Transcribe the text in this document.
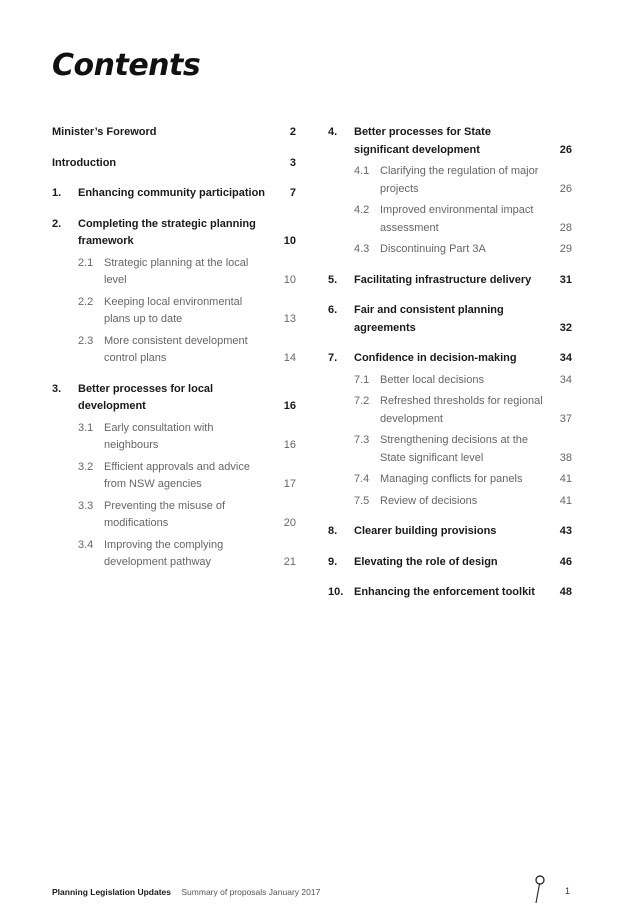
Contents
Minister’s Foreword	2
Introduction	3
1. Enhancing community participation 7
2. Completing the strategic planning framework	10
2.1 Strategic planning at the local level	10
2.2 Keeping local environmental plans up to date	13
2.3 More consistent development control plans	14
3. Better processes for local development	16
3.1 Early consultation with neighbours	16
3.2 Efficient approvals and advice from NSW agencies	17
3.3 Preventing the misuse of modifications	20
3.4 Improving the complying development pathway	21
4. Better processes for State significant development	26
4.1 Clarifying the regulation of major projects	26
4.2 Improved environmental impact assessment	28
4.3 Discontinuing Part 3A	29
5. Facilitating infrastructure delivery	31
6. Fair and consistent planning agreements	32
7. Confidence in decision-making	34
7.1 Better local decisions	34
7.2 Refreshed thresholds for regional development	37
7.3 Strengthening decisions at the State significant level	38
7.4 Managing conflicts for panels	41
7.5 Review of decisions	41
8. Clearer building provisions	43
9. Elevating the role of design	46
10. Enhancing the enforcement toolkit 48
Planning Legislation Updates Summary of proposals January 2017	1
